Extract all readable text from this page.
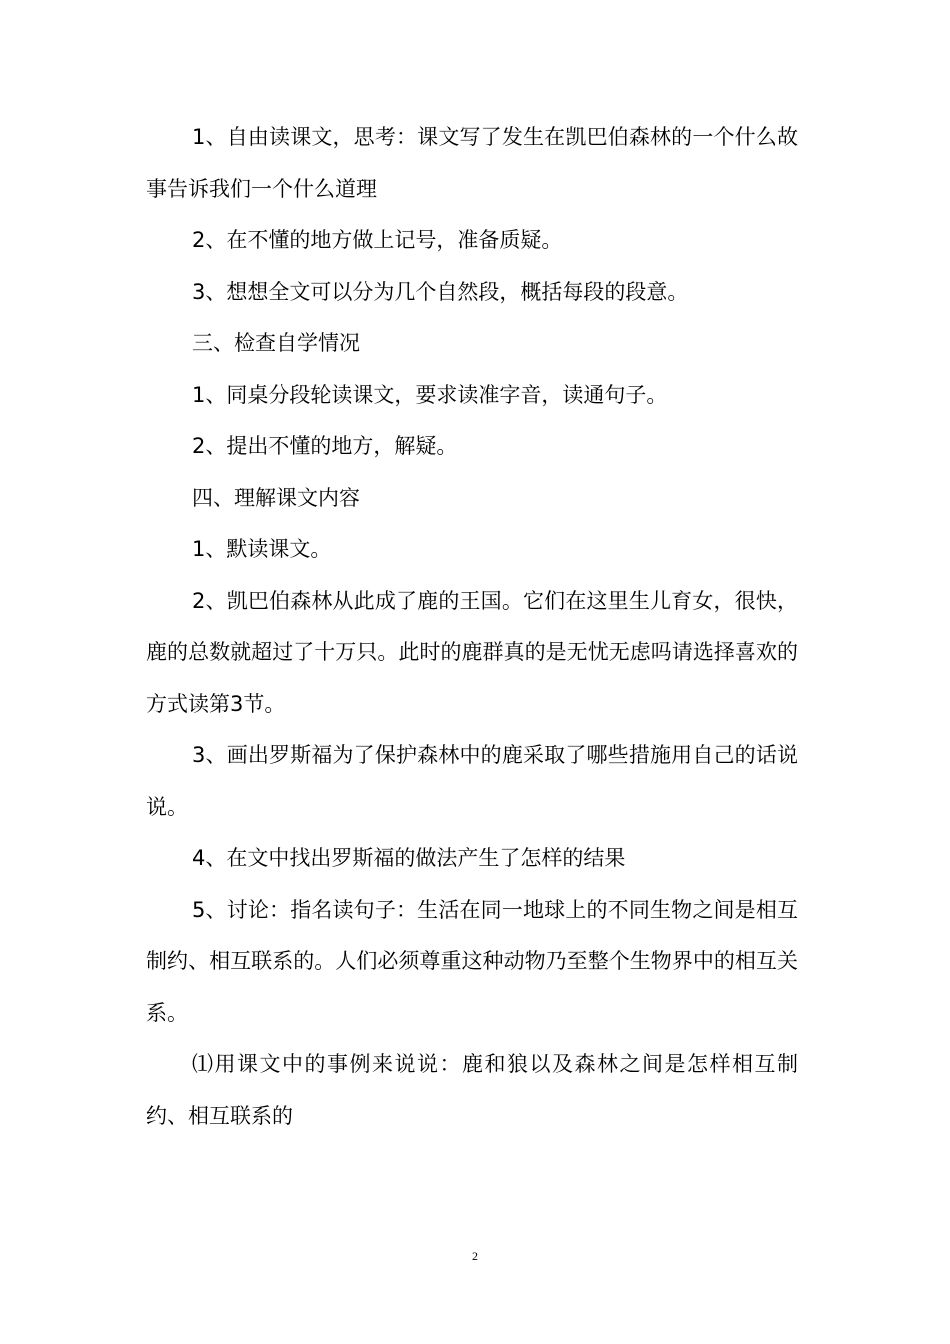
1、自由读课文，思考：课文写了发生在凯巴伯森林的一个什么故事告诉我们一个什么道理

2、在不懂的地方做上记号，准备质疑。

3、想想全文可以分为几个自然段，概括每段的段意。

三、检查自学情况

1、同桌分段轮读课文，要求读准字音，读通句子。

2、提出不懂的地方，解疑。

四、理解课文内容

1、默读课文。

2、凯巴伯森林从此成了鹿的王国。它们在这里生儿育女，很快，鹿的总数就超过了十万只。此时的鹿群真的是无忧无虑吗请选择喜欢的方式读第3节。

3、画出罗斯福为了保护森林中的鹿采取了哪些措施用自己的话说说。

4、在文中找出罗斯福的做法产生了怎样的结果

5、讨论：指名读句子：生活在同一地球上的不同生物之间是相互制约、相互联系的。人们必须尊重这种动物乃至整个生物界中的相互关系。

⑴用课文中的事例来说说：鹿和狼以及森林之间是怎样相互制约、相互联系的

2
